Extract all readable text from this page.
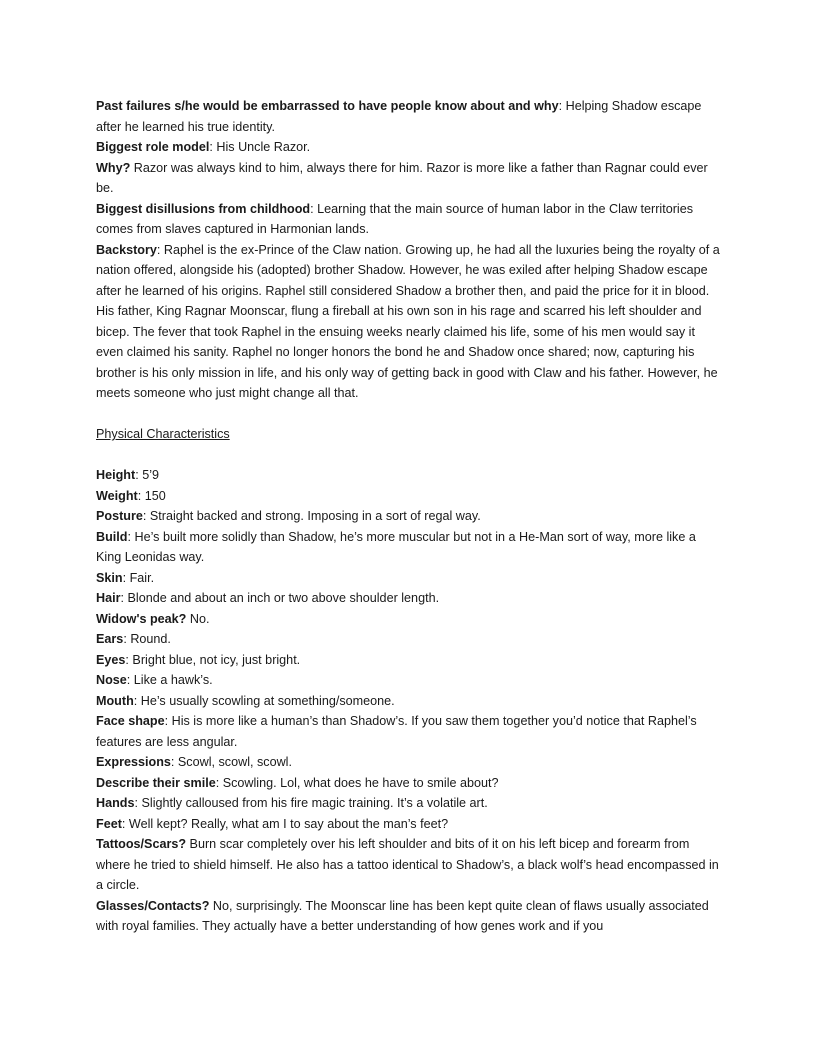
Past failures s/he would be embarrassed to have people know about and why: Helping Shadow escape after he learned his true identity.

Biggest role model: His Uncle Razor.

Why? Razor was always kind to him, always there for him. Razor is more like a father than Ragnar could ever be.

Biggest disillusions from childhood: Learning that the main source of human labor in the Claw territories comes from slaves captured in Harmonian lands.

Backstory: Raphel is the ex-Prince of the Claw nation. Growing up, he had all the luxuries being the royalty of a nation offered, alongside his (adopted) brother Shadow. However, he was exiled after helping Shadow escape after he learned of his origins. Raphel still considered Shadow a brother then, and paid the price for it in blood. His father, King Ragnar Moonscar, flung a fireball at his own son in his rage and scarred his left shoulder and bicep. The fever that took Raphel in the ensuing weeks nearly claimed his life, some of his men would say it even claimed his sanity. Raphel no longer honors the bond he and Shadow once shared; now, capturing his brother is his only mission in life, and his only way of getting back in good with Claw and his father. However, he meets someone who just might change all that.

Physical Characteristics

Height: 5’9

Weight: 150

Posture: Straight backed and strong. Imposing in a sort of regal way.

Build: He’s built more solidly than Shadow, he’s more muscular but not in a He-Man sort of way, more like a King Leonidas way.

Skin: Fair.

Hair: Blonde and about an inch or two above shoulder length.

Widow's peak? No.

Ears: Round.

Eyes: Bright blue, not icy, just bright.

Nose: Like a hawk’s.

Mouth: He’s usually scowling at something/someone.

Face shape: His is more like a human’s than Shadow’s. If you saw them together you’d notice that Raphel’s features are less angular.

Expressions: Scowl, scowl, scowl.

Describe their smile: Scowling. Lol, what does he have to smile about?

Hands: Slightly calloused from his fire magic training. It’s a volatile art.

Feet: Well kept? Really, what am I to say about the man’s feet?

Tattoos/Scars? Burn scar completely over his left shoulder and bits of it on his left bicep and forearm from where he tried to shield himself. He also has a tattoo identical to Shadow’s, a black wolf’s head encompassed in a circle.

Glasses/Contacts? No, surprisingly. The Moonscar line has been kept quite clean of flaws usually associated with royal families. They actually have a better understanding of how genes work and if you
